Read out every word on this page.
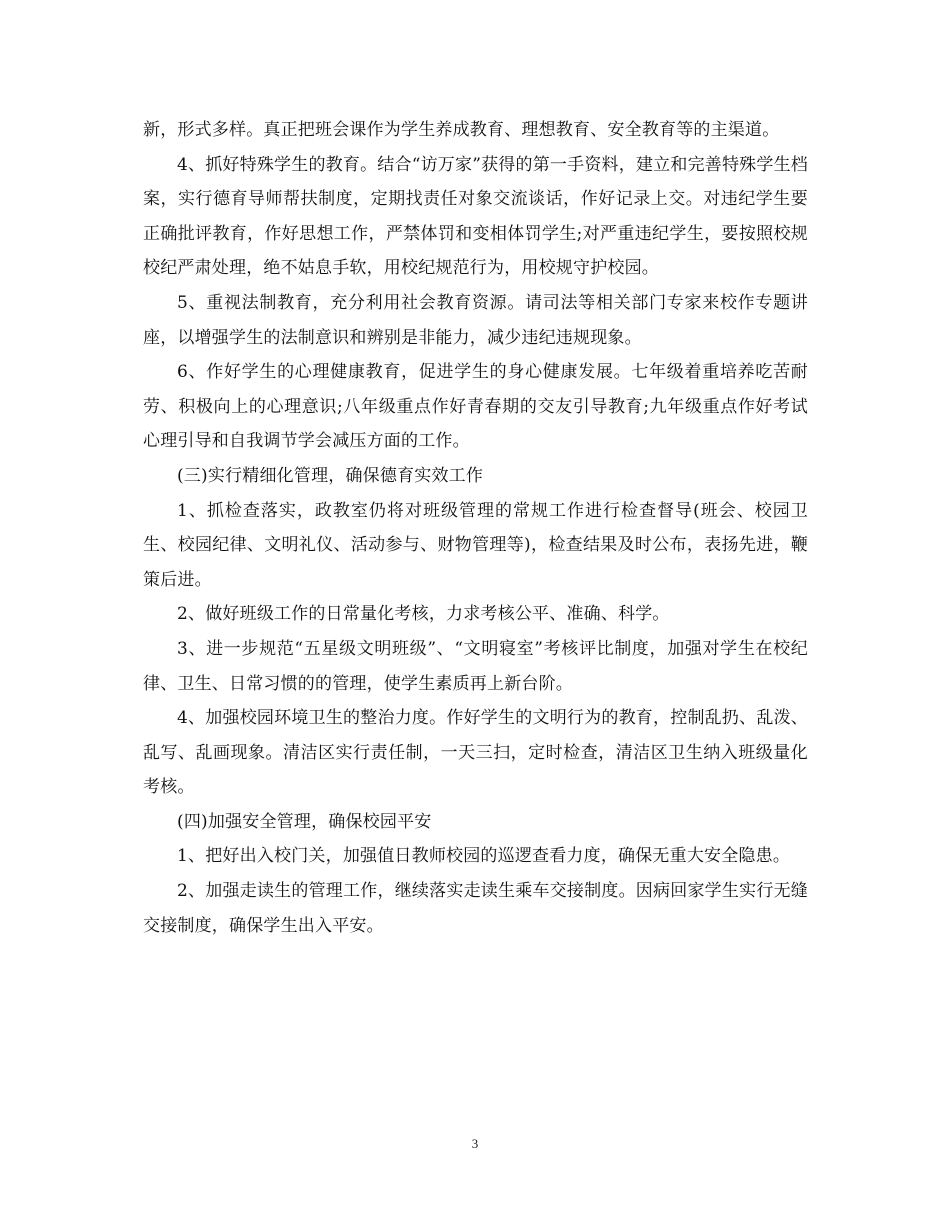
新，形式多样。真正把班会课作为学生养成教育、理想教育、安全教育等的主渠道。

4、抓好特殊学生的教育。结合“访万家”获得的第一手资料，建立和完善特殊学生档案，实行德育导师帮扶制度，定期找责任对象交流谈话，作好记录上交。对违纪学生要正确批评教育，作好思想工作，严禁体罚和变相体罚学生;对严重违纪学生，要按照校规校纪严肃处理，绝不姑息手软，用校纪规范行为，用校规守护校园。

5、重视法制教育，充分利用社会教育资源。请司法等相关部门专家来校作专题讲座，以增强学生的法制意识和辨别是非能力，减少违纪违规现象。

6、作好学生的心理健康教育，促进学生的身心健康发展。七年级着重培养吃苦耐劳、积极向上的心理意识;八年级重点作好青春期的交友引导教育;九年级重点作好考试心理引导和自我调节学会减压方面的工作。

(三)实行精细化管理，确保德育实效工作

1、抓检查落实，政教室仍将对班级管理的常规工作进行检查督导(班会、校园卫生、校园纪律、文明礼仪、活动参与、财物管理等)，检查结果及时公布，表扬先进，鞭策后进。

2、做好班级工作的日常量化考核，力求考核公平、准确、科学。

3、进一步规范“五星级文明班级”、“文明寝室”考核评比制度，加强对学生在校纪律、卫生、日常习惯的的管理，使学生素质再上新台阶。

4、加强校园环境卫生的整治力度。作好学生的文明行为的教育，控制乱扔、乱泼、乱写、乱画现象。清洁区实行责任制，一天三扫，定时检查，清洁区卫生纳入班级量化考核。

(四)加强安全管理，确保校园平安

1、把好出入校门关，加强值日教师校园的巡逻查看力度，确保无重大安全隐患。

2、加强走读生的管理工作，继续落实走读生乘车交接制度。因病回家学生实行无缝交接制度，确保学生出入平安。

3
